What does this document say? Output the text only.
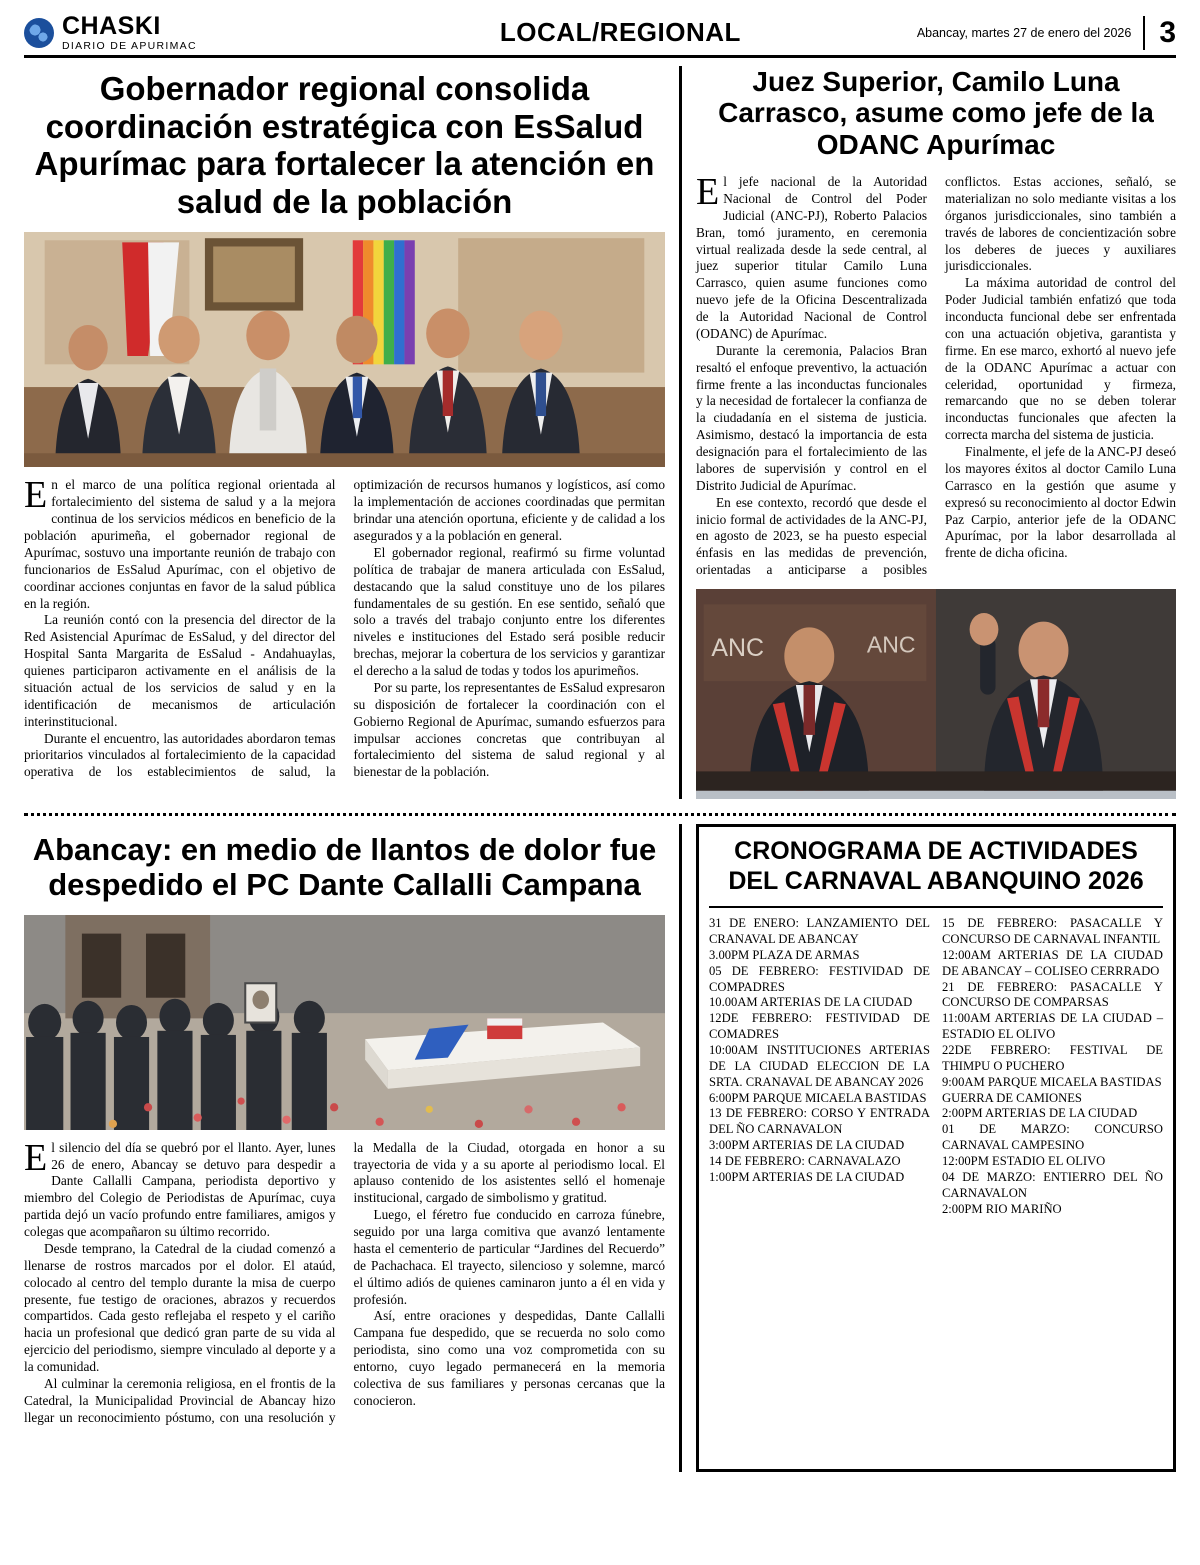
CHASKI
DIARIO DE APURIMAC	LOCAL/REGIONAL	Abancay, martes 27 de enero del 2026 3
Gobernador regional consolida coordinación estratégica con EsSalud Apurímac para fortalecer la atención en salud de la población

En el marco de una política regional orientada al fortalecimiento del sistema de salud y a la mejora continua de los servicios médicos en beneficio de la población apurimeña, el gobernador regional de Apurímac, sostuvo una importante reunión de trabajo con funcionarios de EsSalud Apurímac, con el objetivo de coordinar acciones conjuntas en favor de la salud pública en la región.

La reunión contó con la presencia del director de la Red Asistencial Apurímac de EsSalud, y del director del Hospital Santa Margarita de EsSalud - Andahuaylas, quienes participaron activamente en el análisis de la situación actual de los servicios de salud y en la identificación de mecanismos de articulación interinstitucional.

Durante el encuentro, las autoridades abordaron temas prioritarios vinculados al fortalecimiento de la capacidad operativa de los establecimientos de salud, la optimización de recursos humanos y logísticos, así como la implementación de acciones coordinadas que permitan brindar una atención oportuna, eficiente y de calidad a los asegurados y a la población en general.

El gobernador regional, reafirmó su firme voluntad política de trabajar de manera articulada con EsSalud, destacando que la salud constituye uno de los pilares fundamentales de su gestión. En ese sentido, señaló que solo a través del trabajo conjunto entre los diferentes niveles e instituciones del Estado será posible reducir brechas, mejorar la cobertura de los servicios y garantizar el derecho a la salud de todas y todos los apurimeños.

Por su parte, los representantes de EsSalud expresaron su disposición de fortalecer la coordinación con el Gobierno Regional de Apurímac, sumando esfuerzos para impulsar acciones concretas que contribuyan al fortalecimiento del sistema de salud regional y al bienestar de la población.

Juez Superior, Camilo Luna Carrasco, asume como jefe de la ODANC Apurímac

El jefe nacional de la Autoridad Nacional de Control del Poder Judicial (ANC-PJ), Roberto Palacios Bran, tomó juramento, en ceremonia virtual realizada desde la sede central, al juez superior titular Camilo Luna Carrasco, quien asume funciones como nuevo jefe de la Oficina Descentralizada de la Autoridad Nacional de Control (ODANC) de Apurímac.

Durante la ceremonia, Palacios Bran resaltó el enfoque preventivo, la actuación firme frente a las inconductas funcionales y la necesidad de fortalecer la confianza de la ciudadanía en el sistema de justicia. Asimismo, destacó la importancia de esta designación para el fortalecimiento de las labores de supervisión y control en el Distrito Judicial de Apurímac.

En ese contexto, recordó que desde el inicio formal de actividades de la ANC-PJ, en agosto de 2023, se ha puesto especial énfasis en las medidas de prevención, orientadas a anticiparse a posibles conflictos. Estas acciones, señaló, se materializan no solo mediante visitas a los órganos jurisdiccionales, sino también a través de labores de concientización sobre los deberes de jueces y auxiliares jurisdiccionales.

La máxima autoridad de control del Poder Judicial también enfatizó que toda inconducta funcional debe ser enfrentada con una actuación objetiva, garantista y firme. En ese marco, exhortó al nuevo jefe de la ODANC Apurímac a actuar con celeridad, oportunidad y firmeza, remarcando que no se deben tolerar inconductas funcionales que afecten la correcta marcha del sistema de justicia.

Finalmente, el jefe de la ANC-PJ deseó los mayores éxitos al doctor Camilo Luna Carrasco en la gestión que asume y expresó su reconocimiento al doctor Edwin Paz Carpio, anterior jefe de la ODANC Apurímac, por la labor desarrollada al frente de dicha oficina.

ANC	ANC
Abancay: en medio de llantos de dolor fue despedido el PC Dante Callalli Campana

El silencio del día se quebró por el llanto. Ayer, lunes 26 de enero, Abancay se detuvo para despedir a Dante Callalli Campana, periodista deportivo y miembro del Colegio de Periodistas de Apurímac, cuya partida dejó un vacío profundo entre familiares, amigos y colegas que acompañaron su último recorrido.

Desde temprano, la Catedral de la ciudad comenzó a llenarse de rostros marcados por el dolor. El ataúd, colocado al centro del templo durante la misa de cuerpo presente, fue testigo de oraciones, abrazos y recuerdos compartidos. Cada gesto reflejaba el respeto y el cariño hacia un profesional que dedicó gran parte de su vida al ejercicio del periodismo, siempre vinculado al deporte y a la comunidad.

Al culminar la ceremonia religiosa, en el frontis de la Catedral, la Municipalidad Provincial de Abancay hizo llegar un reconocimiento póstumo, con una resolución y la Medalla de la Ciudad, otorgada en honor a su trayectoria de vida y a su aporte al periodismo local. El aplauso contenido de los asistentes selló el homenaje institucional, cargado de simbolismo y gratitud.

Luego, el féretro fue conducido en carroza fúnebre, seguido por una larga comitiva que avanzó lentamente hasta el cementerio de particular “Jardines del Recuerdo” de Pachachaca. El trayecto, silencioso y solemne, marcó el último adiós de quienes caminaron junto a él en vida y profesión.

Así, entre oraciones y despedidas, Dante Callalli Campana fue despedido, que se recuerda no solo como periodista, sino como una voz comprometida con su entorno, cuyo legado permanecerá en la memoria colectiva de sus familiares y personas cercanas que la conocieron.

CRONOGRAMA DE ACTIVIDADES DEL CARNAVAL ABANQUINO 2026
31 DE ENERO: LANZAMIENTO DEL CRANAVAL DE ABANCAY
3.00PM PLAZA DE ARMAS
05 DE FEBRERO: FESTIVIDAD DE COMPADRES
10.00AM ARTERIAS DE LA CIUDAD
12DE FEBRERO: FESTIVIDAD DE COMADRES
10:00AM INSTITUCIONES ARTERIAS DE LA CIUDAD ELECCION DE LA SRTA. CRANAVAL DE ABANCAY 2026
6:00PM PARQUE MICAELA BASTIDAS
13 DE FEBRERO: CORSO Y ENTRADA DEL ÑO CARNAVALON
3:00PM ARTERIAS DE LA CIUDAD
14 DE FEBRERO: CARNAVALAZO
1:00PM ARTERIAS DE LA CIUDAD
15 DE FEBRERO: PASACALLE Y CONCURSO DE CARNAVAL INFANTIL
12:00AM ARTERIAS DE LA CIUDAD DE ABANCAY – COLISEO CERRRADO
21 DE FEBRERO: PASACALLE Y CONCURSO DE COMPARSAS
11:00AM ARTERIAS DE LA CIUDAD – ESTADIO EL OLIVO
22DE FEBRERO: FESTIVAL DE THIMPU O PUCHERO
9:00AM PARQUE MICAELA BASTIDAS
GUERRA DE CAMIONES
2:00PM ARTERIAS DE LA CIUDAD
01 DE MARZO: CONCURSO CARNAVAL CAMPESINO
12:00PM ESTADIO EL OLIVO
04 DE MARZO: ENTIERRO DEL ÑO CARNAVALON
2:00PM RIO MARIÑO
